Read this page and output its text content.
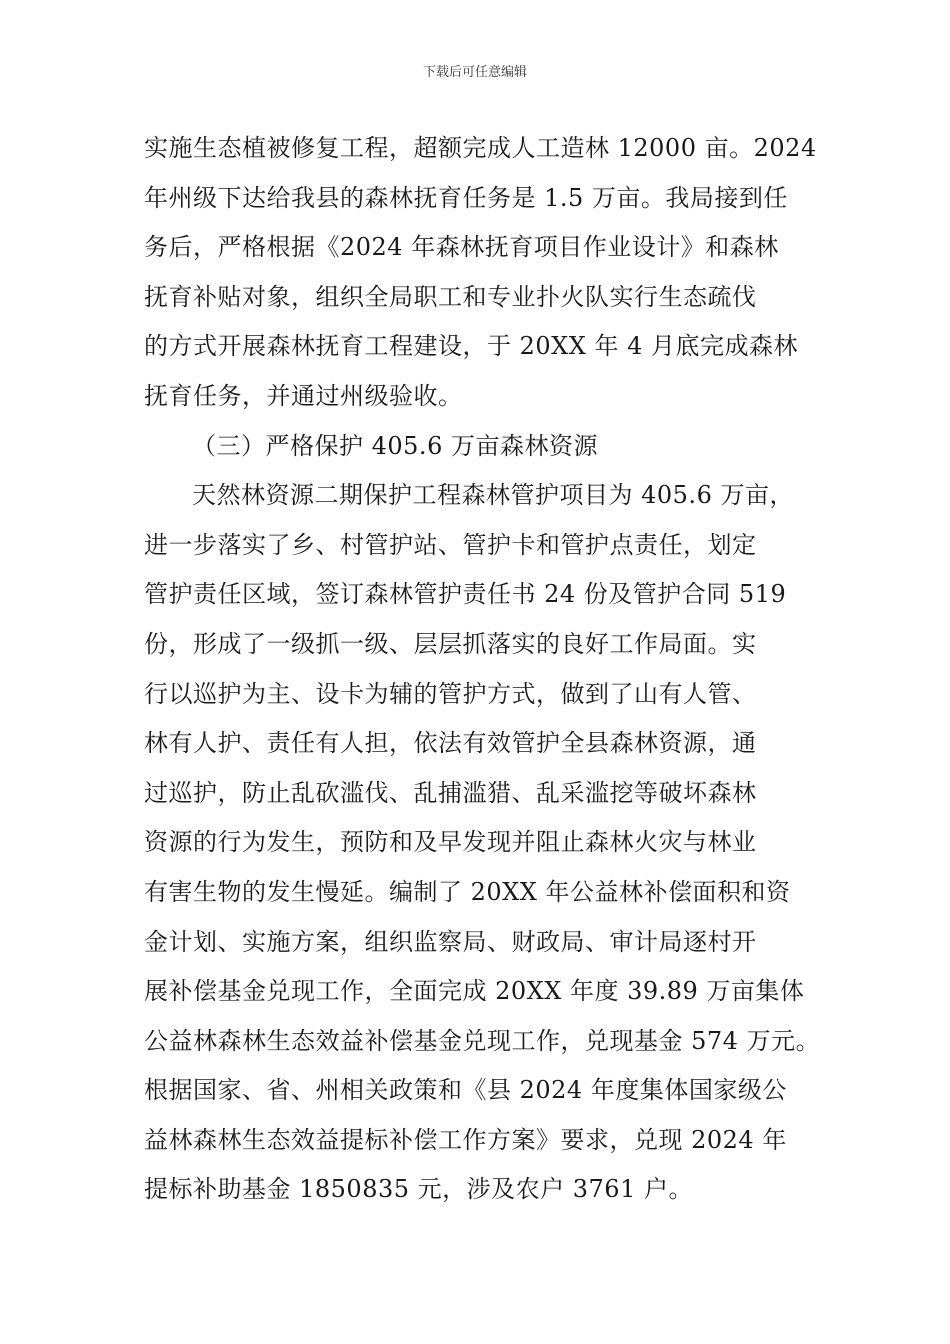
下载后可任意编辑
实施生态植被修复工程，超额完成人工造林 12000 亩。2024
年州级下达给我县的森林抚育任务是 1.5 万亩。我局接到任
务后，严格根据《2024 年森林抚育项目作业设计》和森林
抚育补贴对象，组织全局职工和专业扑火队实行生态疏伐
的方式开展森林抚育工程建设，于 20XX 年 4 月底完成森林
抚育任务，并通过州级验收。
（三）严格保护 405.6 万亩森林资源
天然林资源二期保护工程森林管护项目为 405.6 万亩，
进一步落实了乡、村管护站、管护卡和管护点责任，划定
管护责任区域，签订森林管护责任书 24 份及管护合同 519
份，形成了一级抓一级、层层抓落实的良好工作局面。实
行以巡护为主、设卡为辅的管护方式，做到了山有人管、
林有人护、责任有人担，依法有效管护全县森林资源，通
过巡护，防止乱砍滥伐、乱捕滥猎、乱采滥挖等破坏森林
资源的行为发生，预防和及早发现并阻止森林火灾与林业
有害生物的发生慢延。编制了 20XX 年公益林补偿面积和资
金计划、实施方案，组织监察局、财政局、审计局逐村开
展补偿基金兑现工作，全面完成 20XX 年度 39.89 万亩集体
公益林森林生态效益补偿基金兑现工作，兑现基金 574 万元。
根据国家、省、州相关政策和《县 2024 年度集体国家级公
益林森林生态效益提标补偿工作方案》要求，兑现 2024 年
提标补助基金 1850835 元，涉及农户 3761 户。
